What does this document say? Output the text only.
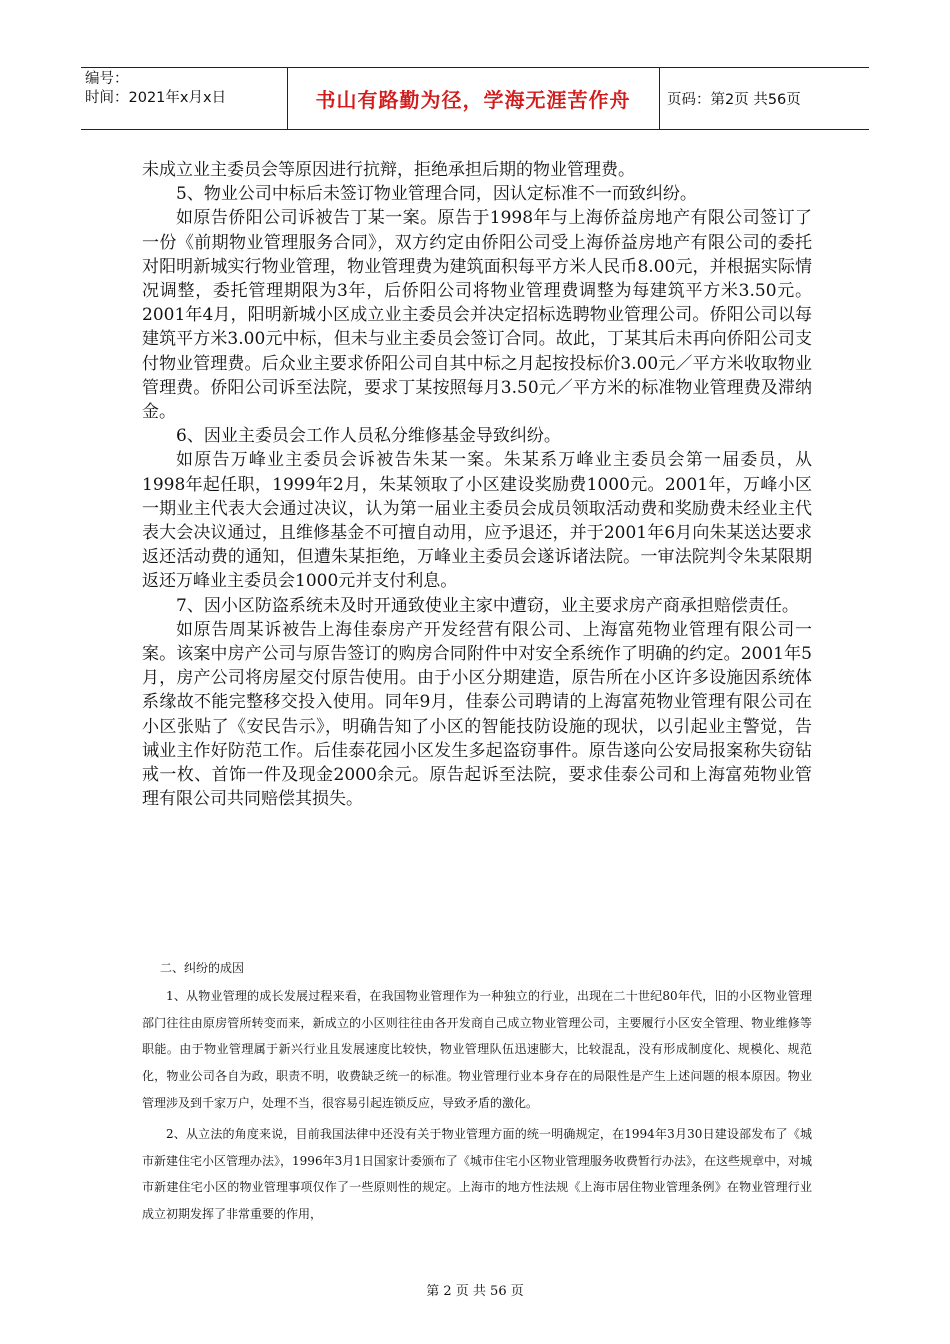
编号：
时间：2021年x月x日	书山有路勤为径，学海无涯苦作舟	页码：第2页 共56页

未成立业主委员会等原因进行抗辩，拒绝承担后期的物业管理费。

5、物业公司中标后未签订物业管理合同，因认定标准不一而致纠纷。

如原告侨阳公司诉被告丁某一案。原告于1998年与上海侨益房地产有限公司签订了一份《前期物业管理服务合同》，双方约定由侨阳公司受上海侨益房地产有限公司的委托对阳明新城实行物业管理，物业管理费为建筑面积每平方米人民币8.00元，并根据实际情况调整，委托管理期限为3年，后侨阳公司将物业管理费调整为每建筑平方米3.50元。2001年4月，阳明新城小区成立业主委员会并决定招标选聘物业管理公司。侨阳公司以每建筑平方米3.00元中标，但未与业主委员会签订合同。故此，丁某其后未再向侨阳公司支付物业管理费。后众业主要求侨阳公司自其中标之月起按投标价3.00元／平方米收取物业管理费。侨阳公司诉至法院，要求丁某按照每月3.50元／平方米的标准物业管理费及滞纳金。

6、因业主委员会工作人员私分维修基金导致纠纷。

如原告万峰业主委员会诉被告朱某一案。朱某系万峰业主委员会第一届委员，从1998年起任职，1999年2月，朱某领取了小区建设奖励费1000元。2001年，万峰小区一期业主代表大会通过决议，认为第一届业主委员会成员领取活动费和奖励费未经业主代表大会决议通过，且维修基金不可擅自动用，应予退还，并于2001年6月向朱某送达要求返还活动费的通知，但遭朱某拒绝，万峰业主委员会遂诉诸法院。一审法院判令朱某限期返还万峰业主委员会1000元并支付利息。

7、因小区防盗系统未及时开通致使业主家中遭窃，业主要求房产商承担赔偿责任。

如原告周某诉被告上海佳泰房产开发经营有限公司、上海富苑物业管理有限公司一案。该案中房产公司与原告签订的购房合同附件中对安全系统作了明确的约定。2001年5月，房产公司将房屋交付原告使用。由于小区分期建造，原告所在小区许多设施因系统体系缘故不能完整移交投入使用。同年9月，佳泰公司聘请的上海富苑物业管理有限公司在小区张贴了《安民告示》，明确告知了小区的智能技防设施的现状，以引起业主警觉，告诫业主作好防范工作。后佳泰花园小区发生多起盗窃事件。原告遂向公安局报案称失窃钻戒一枚、首饰一件及现金2000余元。原告起诉至法院，要求佳泰公司和上海富苑物业管理有限公司共同赔偿其损失。

二、纠纷的成因

1、从物业管理的成长发展过程来看，在我国物业管理作为一种独立的行业，出现在二十世纪80年代，旧的小区物业管理部门往往由原房管所转变而来，新成立的小区则往往由各开发商自己成立物业管理公司，主要履行小区安全管理、物业维修等职能。由于物业管理属于新兴行业且发展速度比较快，物业管理队伍迅速膨大，比较混乱，没有形成制度化、规模化、规范化，物业公司各自为政，职责不明，收费缺乏统一的标准。物业管理行业本身存在的局限性是产生上述问题的根本原因。物业管理涉及到千家万户，处理不当，很容易引起连锁反应，导致矛盾的激化。

2、从立法的角度来说，目前我国法律中还没有关于物业管理方面的统一明确规定，在1994年3月30日建设部发布了《城市新建住宅小区管理办法》，1996年3月1日国家计委颁布了《城市住宅小区物业管理服务收费暂行办法》，在这些规章中，对城市新建住宅小区的物业管理事项仅作了一些原则性的规定。上海市的地方性法规《上海市居住物业管理条例》在物业管理行业成立初期发挥了非常重要的作用，

第 2 页 共 56 页
